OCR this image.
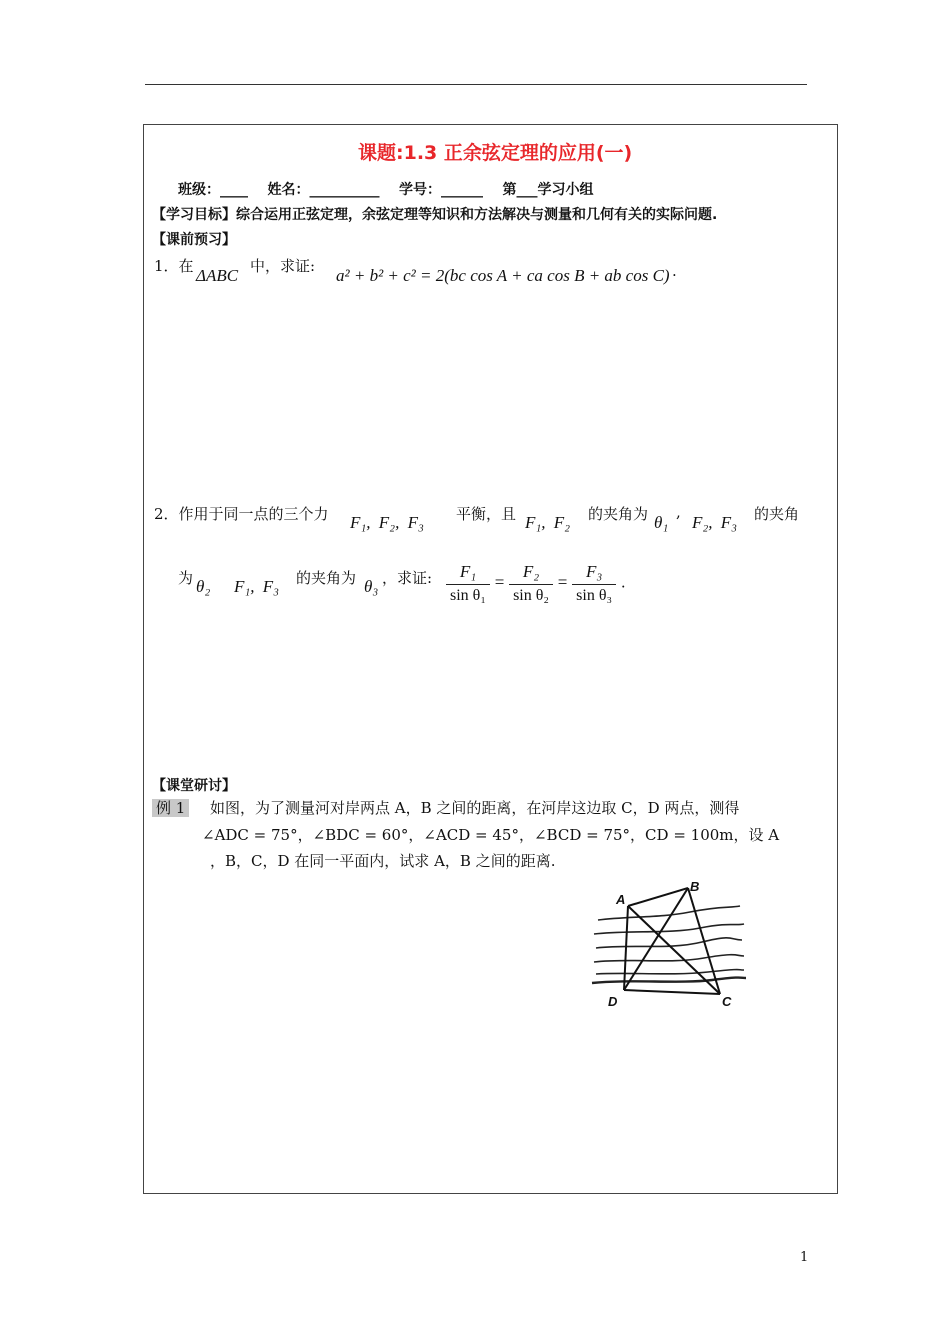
课题:1.3 正余弦定理的应用(一)
班级：____    姓名：__________    学号：______    第___学习小组
【学习目标】综合运用正弦定理，余弦定理等知识和方法解决与测量和几何有关的实际问题.
【课前预习】
1．在 ΔABC 中，求证: a² + b² + c² = 2(bc cos A + ca cos B + ab cos C) .
2．作用于同一点的三个力 F₁, F₂, F₃ 平衡，且 F₁, F₂ 的夹角为 θ₁
,
F₂, F₃ 的夹角
为 θ₂ F₁, F₃ 的夹角为 θ₃ ，求证: $\frac{\text{F₁}}{\text{sin θ₁}} = \frac{\text{F₂}}{\text{sin θ₂}} = \frac{\text{F₃}}{\text{sin θ₃}}$ .
【课堂研讨】
例 1 如图，为了测量河对岸两点 A，B 之间的距离，在河岸这边取 C，D 两点，测得
∠ADC = 75°，∠BDC = 60°，∠ACD = 45°，∠BCD = 75°，CD = 100m，设 A
，B，C，D 在同一平面内，试求 A，B 之间的距离.
A
B
C
D
1
